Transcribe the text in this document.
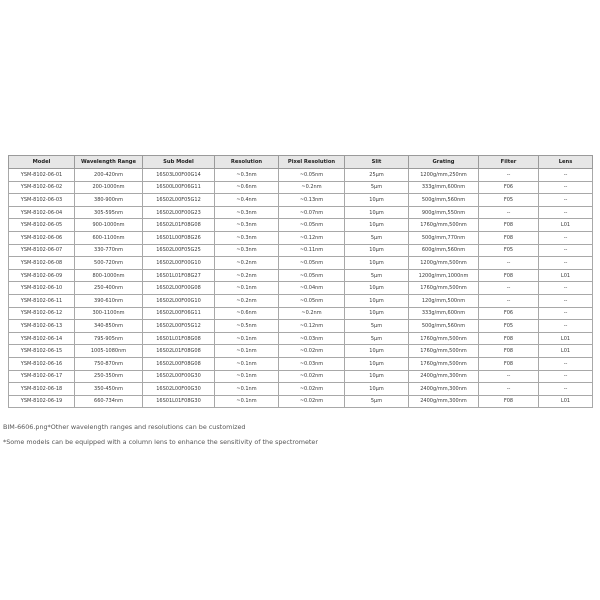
Model	Wavelength Range	Sub Model	Resolution	Pixel Resolution	Slit	Grating	Filter	Lens
YSM-8102-06-01	200-420nm	16S03L00F00G14	~0.3nm	~0.05nm	25μm	1200g/mm,250nm	--	--
YSM-8102-06-02	200-1000nm	16S00L00F06G11	~0.6nm	~0.2nm	5μm	333g/mm,600nm	F06	--
YSM-8102-06-03	380-900nm	16S02L00F05G12	~0.4nm	~0.13nm	10μm	500g/mm,560nm	F05	--
YSM-8102-06-04	305-595nm	16S02L00F00G23	~0.3nm	~0.07nm	10μm	900g/mm,550nm	--	--
YSM-8102-06-05	900-1000nm	16S02L01F08G08	~0.3nm	~0.05nm	10μm	1760g/mm,500nm	F08	L01
YSM-8102-06-06	600-1100nm	16S01L00F08G26	~0.3nm	~0.12nm	5μm	500g/mm,770nm	F08	--
YSM-8102-06-07	330-770nm	16S02L00F05G25	~0.3nm	~0.11nm	10μm	600g/mm,560nm	F05	--
YSM-8102-06-08	500-720nm	16S02L00F00G10	~0.2nm	~0.05nm	10μm	1200g/mm,500nm	--	--
YSM-8102-06-09	800-1000nm	16S01L01F08G27	~0.2nm	~0.05nm	5μm	1200g/mm,1000nm	F08	L01
YSM-8102-06-10	250-400nm	16S02L00F00G08	~0.1nm	~0.04nm	10μm	1760g/mm,500nm	--	--
YSM-8102-06-11	390-610nm	16S02L00F00G10	~0.2nm	~0.05nm	10μm	120g/mm,500nm	--	--
YSM-8102-06-12	300-1100nm	16S02L00F06G11	~0.6nm	~0.2nm	10μm	333g/mm,600nm	F06	--
YSM-8102-06-13	340-850nm	16S02L00F05G12	~0.5nm	~0.12nm	5μm	500g/mm,560nm	F05	--
YSM-8102-06-14	795-905nm	16S01L01F08G08	~0.1nm	~0.03nm	5μm	1760g/mm,500nm	F08	L01
YSM-8102-06-15	1005-1080nm	16S02L01F08G08	~0.1nm	~0.02nm	10μm	1760g/mm,500nm	F08	L01
YSM-8102-06-16	750-870nm	16S02L00F08G08	~0.1nm	~0.03nm	10μm	1760g/mm,500nm	F08	--
YSM-8102-06-17	250-350nm	16S02L00F00G30	~0.1nm	~0.02nm	10μm	2400g/mm,300nm	--	--
YSM-8102-06-18	350-450nm	16S02L00F00G30	~0.1nm	~0.02nm	10μm	2400g/mm,300nm	--	--
YSM-8102-06-19	660-734nm	16S01L01F08G30	~0.1nm	~0.02nm	5μm	2400g/mm,300nm	F08	L01
BIM-6606.png*Other wavelength ranges and resolutions can be customized
*Some models can be equipped with a column lens to enhance the sensitivity of the spectrometer
